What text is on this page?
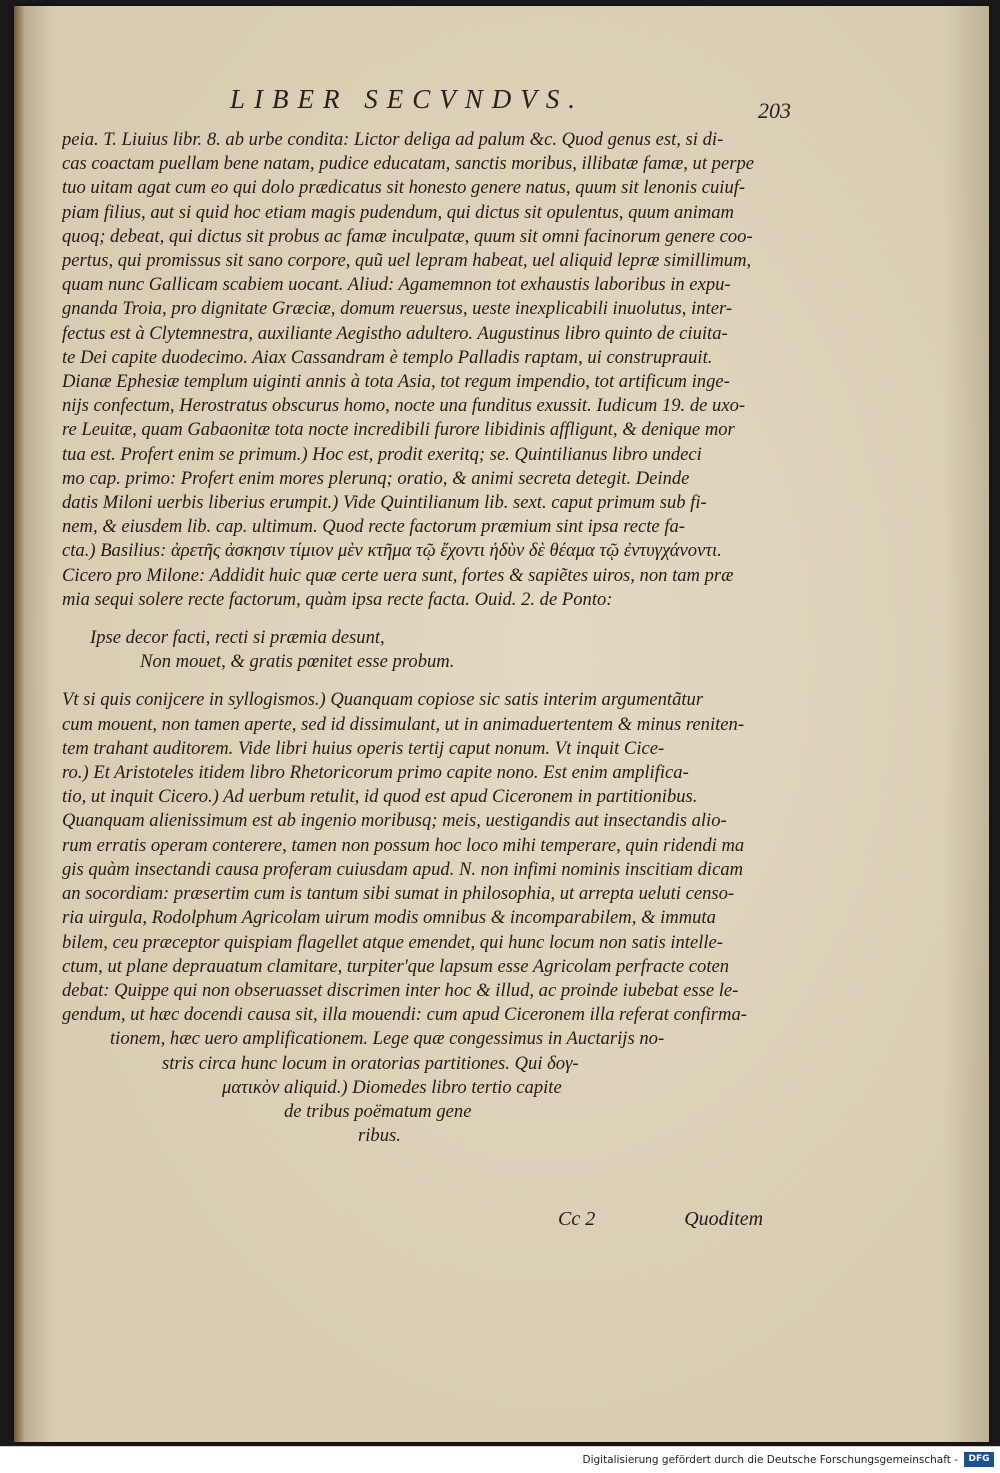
LIBER SECVNDVS.	203
peia. T. Liuius libr. 8. ab urbe condita: Lictor deliga ad palum &c. Quod genus est, si di-
cas coactam puellam bene natam, pudice educatam, sanctis moribus, illibatæ famæ, ut perpe
tuo uitam agat cum eo qui dolo prædicatus sit honesto genere natus, quum sit lenonis cuiuf-
piam filius, aut si quid hoc etiam magis pudendum, qui dictus sit opulentus, quum animam
quoq; debeat, qui dictus sit probus ac famæ inculpatæ, quum sit omni facinorum genere coo-
pertus, qui promissus sit sano corpore, quũ uel lepram habeat, uel aliquid lepræ simillimum,
quam nunc Gallicam scabiem uocant. Aliud: Agamemnon tot exhaustis laboribus in expu-
gnanda Troia, pro dignitate Græciæ, domum reuersus, ueste inexplicabili inuolutus, inter-
fectus est à Clytemnestra, auxiliante Aegistho adultero. Augustinus libro quinto de ciuita-
te Dei capite duodecimo. Aiax Cassandram è templo Palladis raptam, ui construprauit.
Dianæ Ephesiæ templum uiginti annis à tota Asia, tot regum impendio, tot artificum inge-
nijs confectum, Herostratus obscurus homo, nocte una funditus exussit. Iudicum 19. de uxo-
re Leuitæ, quam Gabaonitæ tota nocte incredibili furore libidinis affligunt, & denique mor
tua est. Profert enim se primum.) Hoc est, prodit exeritq; se. Quintilianus libro undeci
mo cap. primo: Profert enim mores plerunq; oratio, & animi secreta detegit. Deinde
datis Miloni uerbis liberius erumpit.) Vide Quintilianum lib. sext. caput primum sub fi-
nem, & eiusdem lib. cap. ultimum. Quod recte factorum præmium sint ipsa recte fa-
cta.) Basilius: ἀρετῆς ἀσκησιν τίμιον μὲν κτῆμα τῷ ἔχοντι ἡδὺν δὲ θέαμα τῷ ἐντυγχάνοντι.
Cicero pro Milone: Addidit huic quæ certe uera sunt, fortes & sapiẽtes uiros, non tam præ
mia sequi solere recte factorum, quàm ipsa recte facta. Ouid. 2. de Ponto:
Ipse decor facti, recti si præmia desunt,
Non mouet, & gratis pœnitet esse probum.
Vt si quis conijcere in syllogismos.) Quanquam copiose sic satis interim argumentãtur
cum mouent, non tamen aperte, sed id dissimulant, ut in animaduertentem & minus reniten-
tem trahant auditorem. Vide libri huius operis tertij caput nonum. Vt inquit Cice-
ro.) Et Aristoteles itidem libro Rhetoricorum primo capite nono. Est enim amplifica-
tio, ut inquit Cicero.) Ad uerbum retulit, id quod est apud Ciceronem in partitionibus.
Quanquam alienissimum est ab ingenio moribusq; meis, uestigandis aut insectandis alio-
rum erratis operam conterere, tamen non possum hoc loco mihi temperare, quin ridendi ma
gis quàm insectandi causa proferam cuiusdam apud. N. non infimi nominis inscitiam dicam
an socordiam: præsertim cum is tantum sibi sumat in philosophia, ut arrepta ueluti censo-
ria uirgula, Rodolphum Agricolam uirum modis omnibus & incomparabilem, & immuta
bilem, ceu præceptor quispiam flagellet atque emendet, qui hunc locum non satis intelle-
ctum, ut plane deprauatum clamitare, turpiter'que lapsum esse Agricolam perfracte coten
debat: Quippe qui non obseruasset discrimen inter hoc & illud, ac proinde iubebat esse le-
gendum, ut hæc docendi causa sit, illa mouendi: cum apud Ciceronem illa referat confirma-
tionem, hæc uero amplificationem. Lege quæ congessimus in Auctarijs no-
stris circa hunc locum in oratorias partitiones. Qui δογ-
ματικὸν aliquid.) Diomedes libro tertio capite
de tribus poëmatum gene
ribus.
Cc 2	Quoditem
Digitalisierung gefördert durch die Deutsche Forschungsgemeinschaft -	DFG
